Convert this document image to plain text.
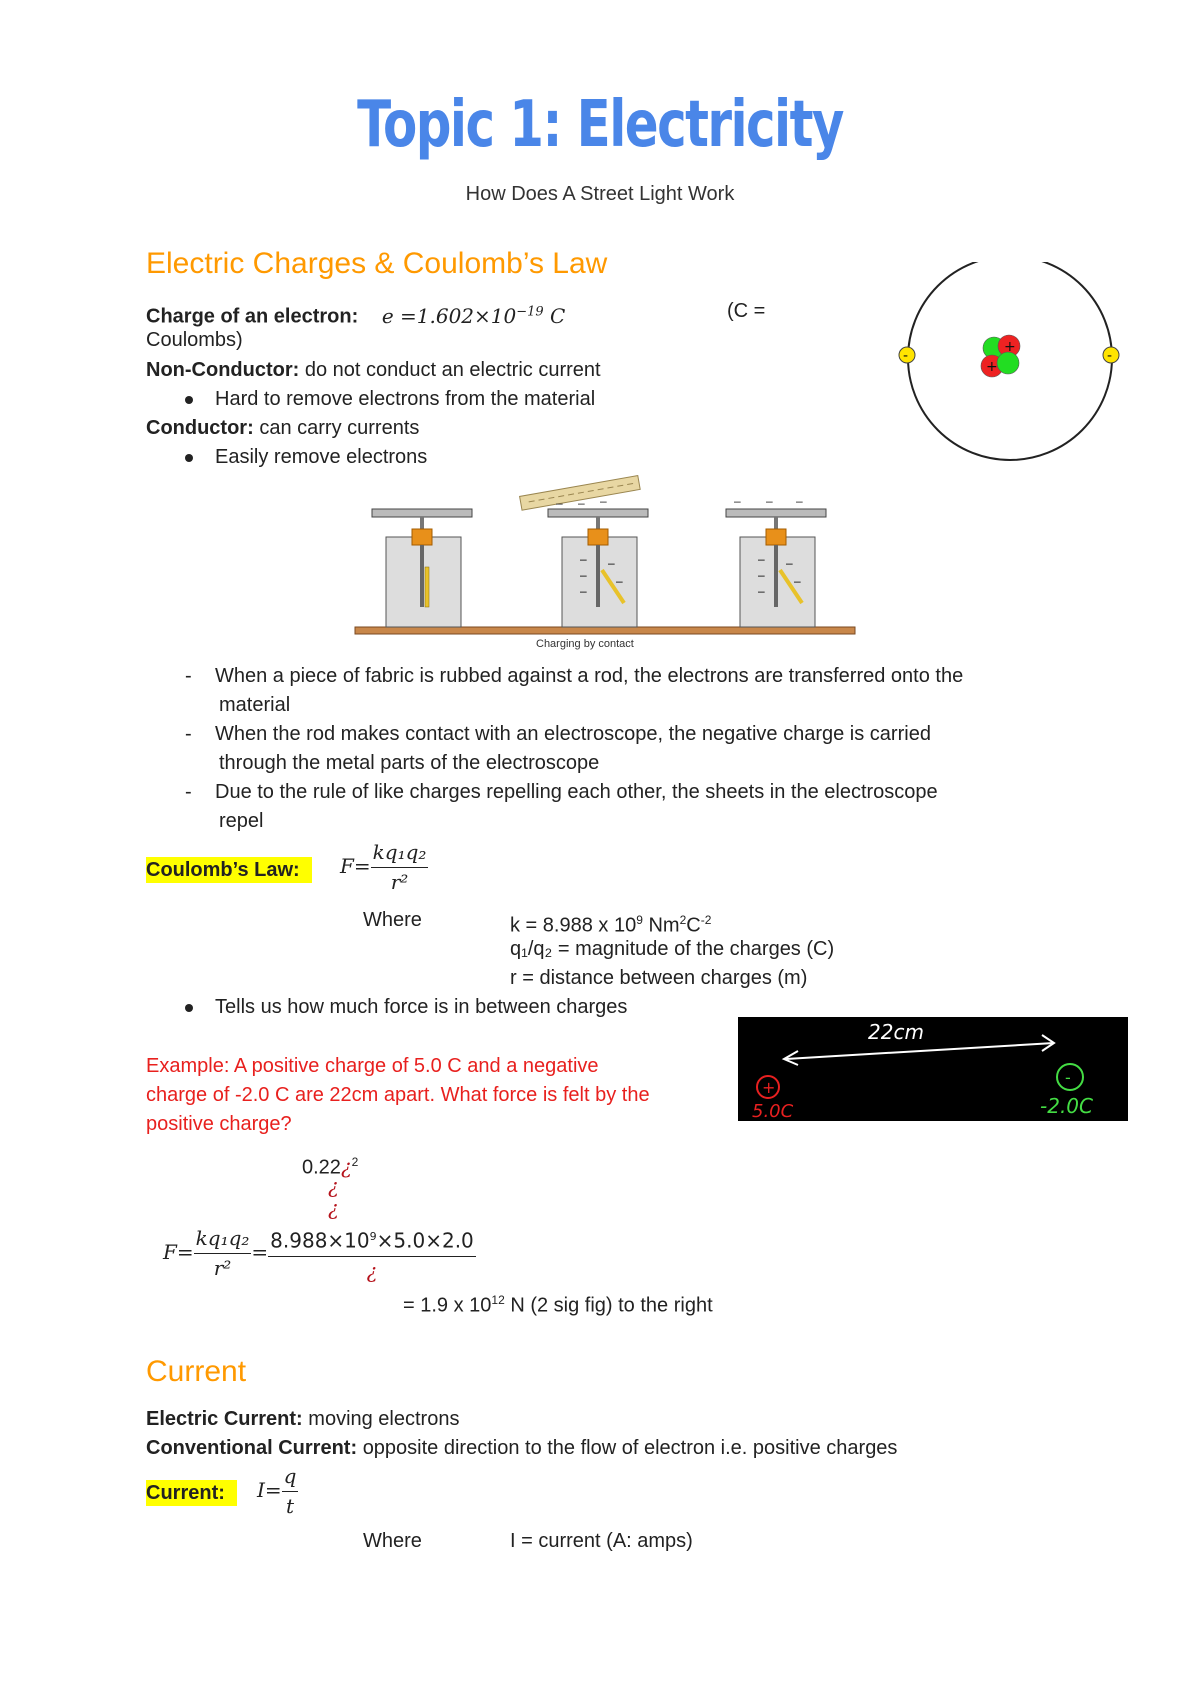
Topic 1: Electricity
How Does A Street Light Work
Electric Charges & Coulomb’s Law
Charge of an electron: $e =1.602\times 10^{-19}$ C	(C =
Coulombs)
Non-Conductor: do not conduct an electric current
Hard to remove electrons from the material
Conductor: can carry currents
Easily remove electrons
+
+
-	-
– – –
–
–
–
–
–
– – –
–
–
–
–
–
Charging by contact
- When a piece of fabric is rubbed against a rod, the electrons are transferred onto the
material
- When the rod makes contact with an electroscope, the negative charge is carried
through the metal parts of the electroscope
- Due to the rule of like charges repelling each other, the sheets in the electroscope
repel
Coulomb’s Law:	$F= \frac{\text{kq₁q₂}}{\text{r²}}$
Where	k = 8.988 x $10^9$ $Nm^2C^{-2}$
q₁/q₂ = magnitude of the charges (C)
r = distance between charges (m)
Tells us how much force is in between charges
Example: A positive charge of 5.0 C and a negative
charge of -2.0 C are 22cm apart. What force is felt by the
positive charge?
22cm
+
5.0C
-
-2.0C
0.22¿$^2$
¿
¿
$F= \frac{\text{kq₁q₂}}{\text{r²}} = \frac{8.988\times 10^9\times 5.0\times 2.0}{¿}$
= 1.9 x $10^{12}$ N (2 sig fig) to the right
Current
Electric Current: moving electrons
Conventional Current: opposite direction to the flow of electron i.e. positive charges
Current:	$I= \frac{q}{t}$
Where	I = current (A: amps)
